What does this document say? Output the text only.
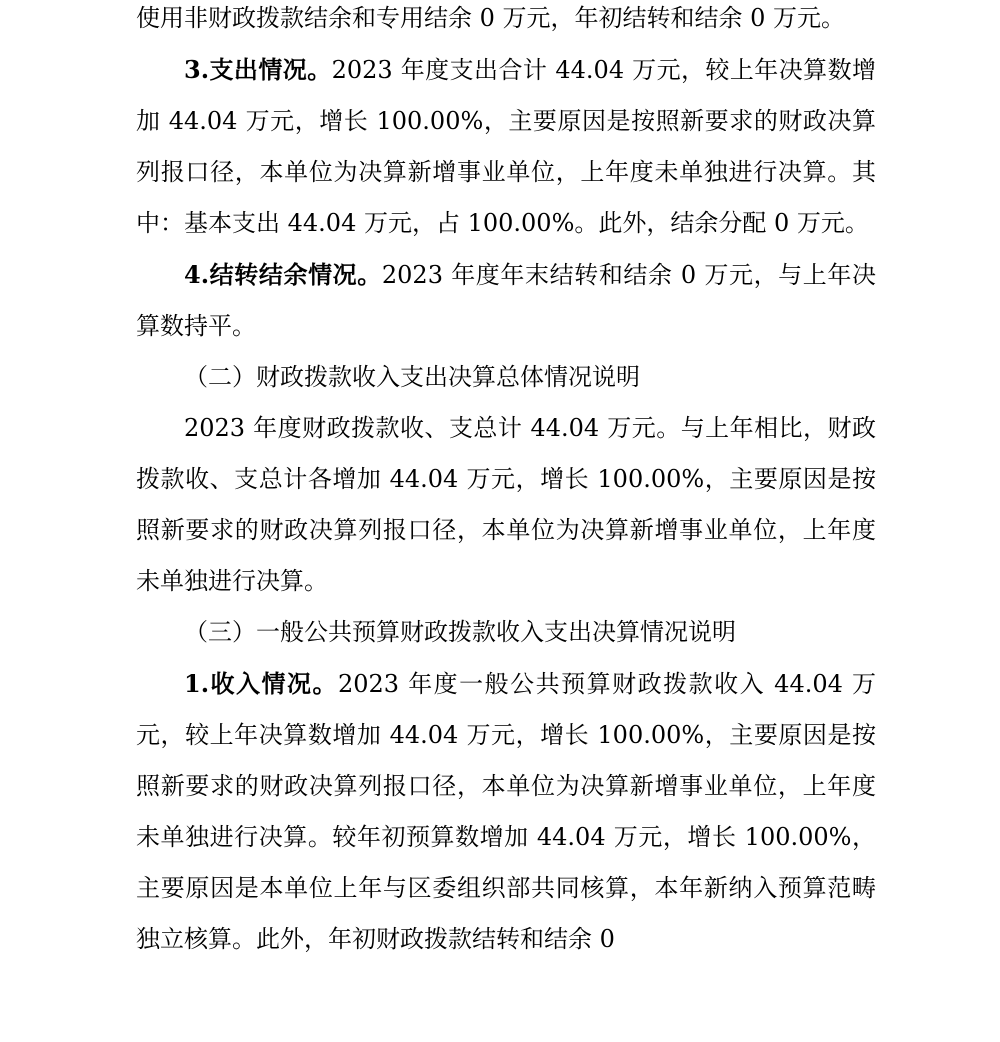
使用非财政拨款结余和专用结余 0 万元，年初结转和结余 0 万元。

3.支出情况。2023 年度支出合计 44.04 万元，较上年决算数增加 44.04 万元，增长 100.00%，主要原因是按照新要求的财政决算列报口径，本单位为决算新增事业单位，上年度未单独进行决算。其中：基本支出 44.04 万元，占 100.00%。此外，结余分配 0 万元。

4.结转结余情况。2023 年度年末结转和结余 0 万元，与上年决算数持平。

（二）财政拨款收入支出决算总体情况说明

2023 年度财政拨款收、支总计 44.04 万元。与上年相比，财政拨款收、支总计各增加 44.04 万元，增长 100.00%，主要原因是按照新要求的财政决算列报口径，本单位为决算新增事业单位，上年度未单独进行决算。

（三）一般公共预算财政拨款收入支出决算情况说明

1.收入情况。2023 年度一般公共预算财政拨款收入 44.04 万元，较上年决算数增加 44.04 万元，增长 100.00%，主要原因是按照新要求的财政决算列报口径，本单位为决算新增事业单位，上年度未单独进行决算。较年初预算数增加 44.04 万元，增长 100.00%，主要原因是本单位上年与区委组织部共同核算，本年新纳入预算范畴独立核算。此外，年初财政拨款结转和结余 0
